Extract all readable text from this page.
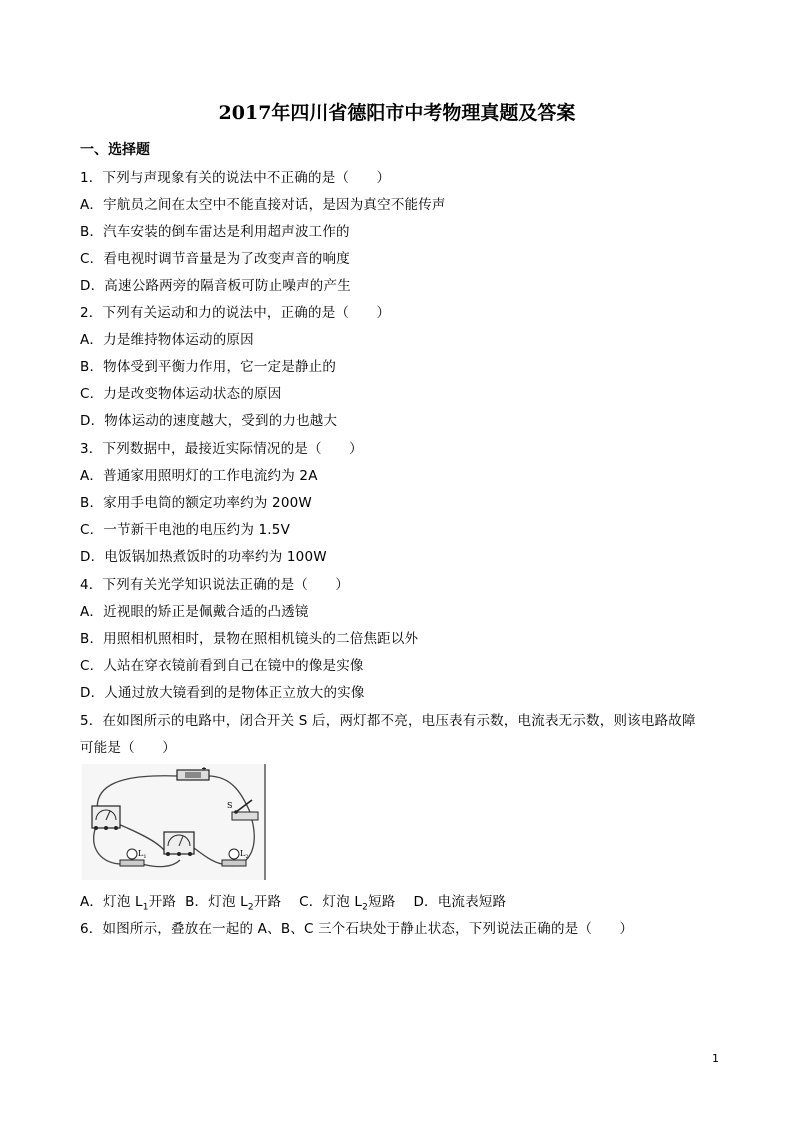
2017年四川省德阳市中考物理真题及答案
一、选择题
1．下列与声现象有关的说法中不正确的是（　　）
A．宇航员之间在太空中不能直接对话，是因为真空不能传声
B．汽车安装的倒车雷达是利用超声波工作的
C．看电视时调节音量是为了改变声音的响度
D．高速公路两旁的隔音板可防止噪声的产生
2．下列有关运动和力的说法中，正确的是（　　）
A．力是维持物体运动的原因
B．物体受到平衡力作用，它一定是静止的
C．力是改变物体运动状态的原因
D．物体运动的速度越大，受到的力也越大
3．下列数据中，最接近实际情况的是（　　）
A．普通家用照明灯的工作电流约为 2A
B．家用手电筒的额定功率约为 200W
C．一节新干电池的电压约为 1.5V
D．电饭锅加热煮饭时的功率约为 100W
4．下列有关光学知识说法正确的是（　　）
A．近视眼的矫正是佩戴合适的凸透镜
B．用照相机照相时，景物在照相机镜头的二倍焦距以外
C．人站在穿衣镜前看到自己在镜中的像是实像
D．人通过放大镜看到的是物体正立放大的实像
5．在如图所示的电路中，闭合开关 S 后，两灯都不亮，电压表有示数，电流表无示数，则该电路故障
可能是（　　）
S
$L_1$	$L_2$
A．灯泡 $L_1$开路 B．灯泡 $L_2$开路 C．灯泡 $L_2$短路 D．电流表短路
6．如图所示，叠放在一起的 A、B、C 三个石块处于静止状态，下列说法正确的是（　　）
1
